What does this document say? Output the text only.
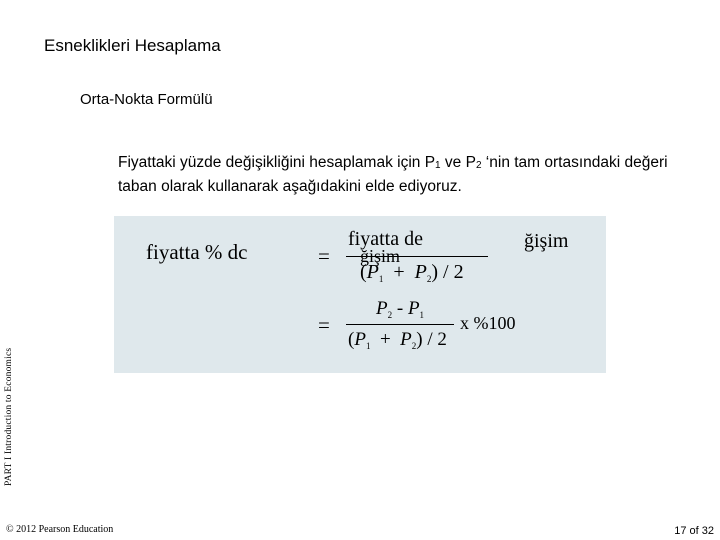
Esneklikleri Hesaplama
Orta-Nokta Formülü
Fiyattaki yüzde değişikliğini hesaplamak için $P_1$ ve $P_2$ ‘nin tam ortasındaki değeri taban olarak kullanarak aşağıdakini elde ediyoruz.
fiyatta % dc	=
fiyatta de
ğişim
ğişim
$(P_1 + P_2) / 2$
=
$P_2 - P_1$
$(P_1 + P_2) / 2$
x %100
PART I Introduction to Economics
© 2012 Pearson Education	17 of 32
